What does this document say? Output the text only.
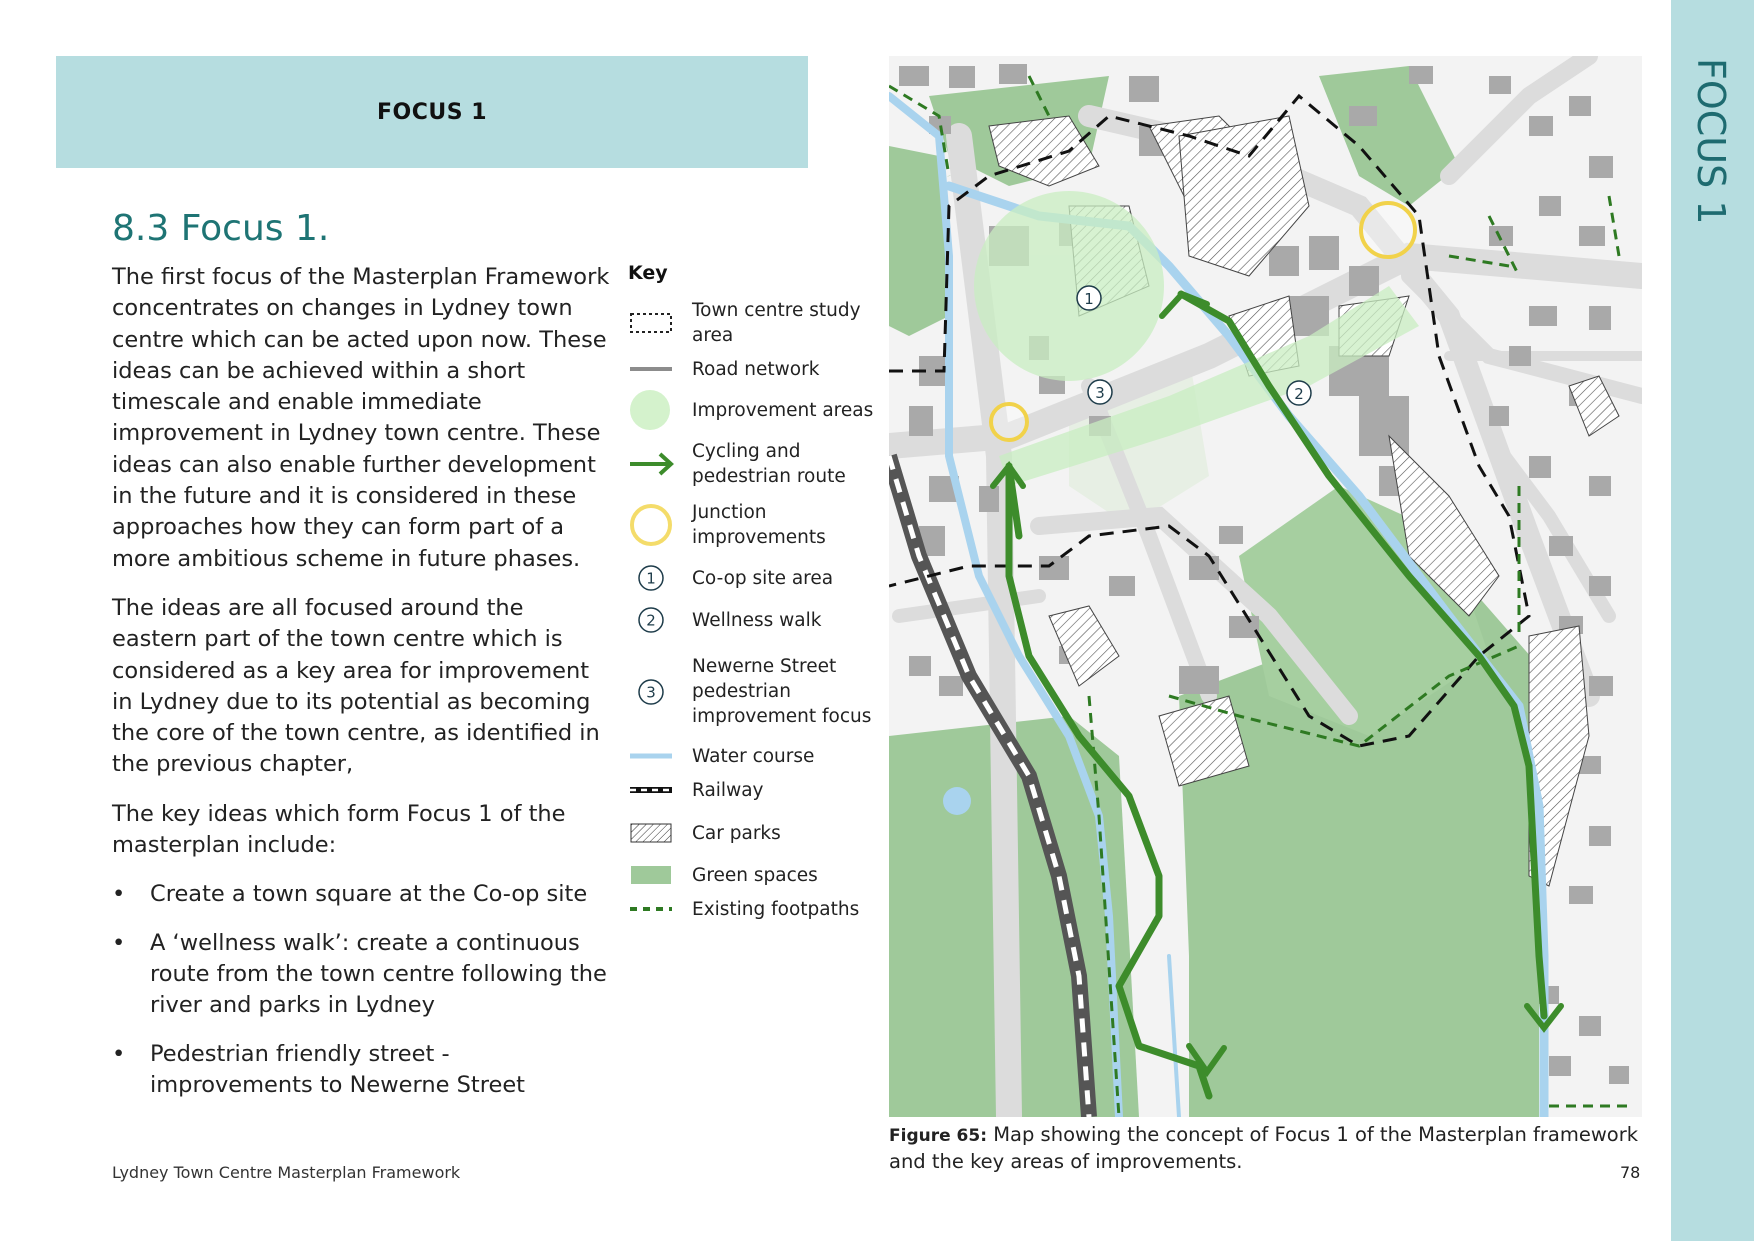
FOCUS 1	FOCUS 1
8.3 Focus 1.

The first focus of the Masterplan Framework concentrates on changes in Lydney town centre which can be acted upon now. These ideas can be achieved within a short timescale and enable immediate improvement in Lydney town centre. These ideas can also enable further development in the future and it is considered in these approaches how they can form part of a more ambitious scheme in future phases.

The ideas are all focused around the eastern part of the town centre which is considered as a key area for improvement in Lydney due to its potential as becoming the core of the town centre, as identified in the previous chapter,

The key ideas which form Focus 1 of the masterplan include:

• Create a town square at the Co-op site
• A ‘wellness walk’: create a continuous route from the town centre following the river and parks in Lydney
• Pedestrian friendly street - improvements to Newerne Street
Key
Town centre study area
Road network
Improvement areas
Cycling and pedestrian route
Junction improvements
1	Co-op site area
2	Wellness walk
3
Newerne Street pedestrian improvement focus
Water course
Railway
Car parks
Green spaces
Existing footpaths
1
2
3
Figure 65: Map showing the concept of Focus 1 of the Masterplan framework and the key areas of improvements.
Lydney Town Centre Masterplan Framework	78
